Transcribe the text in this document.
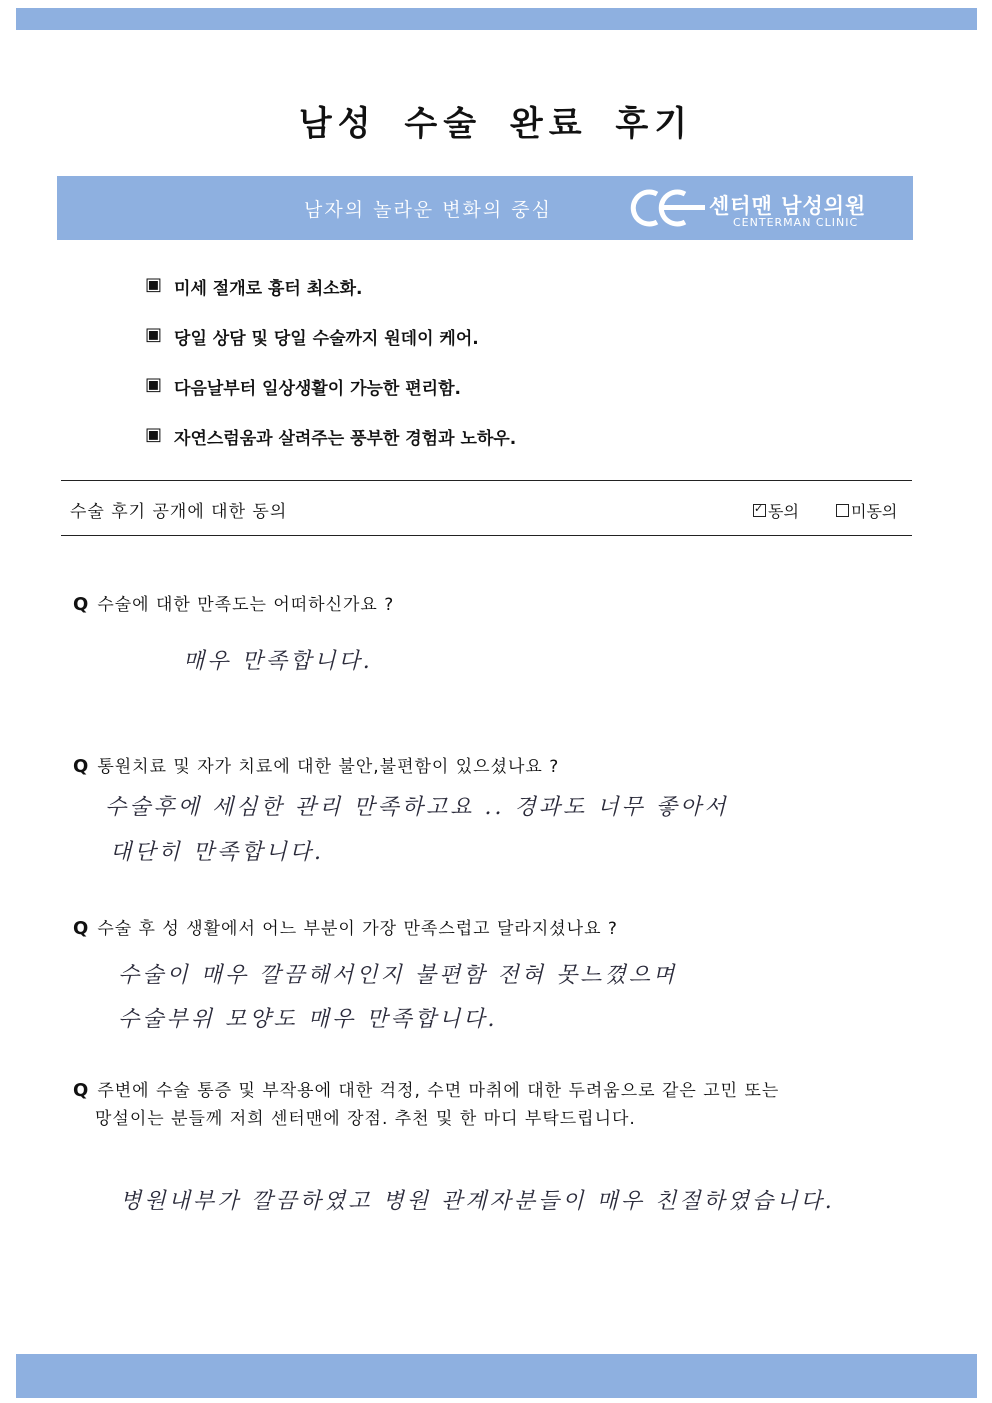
남성 수술 완료 후기
남자의 놀라운 변화의 중심	센터맨 남성의원
CENTERMAN CLINIC
▣ 미세 절개로 흉터 최소화.
▣ 당일 상담 및 당일 수술까지 원데이 케어.
▣ 다음날부터 일상생활이 가능한 편리함.
▣ 자연스럼움과 살려주는 풍부한 경험과 노하우.
수술 후기 공개에 대한 동의	✓ 동의	미동의
Q 수술에 대한 만족도는 어떠하신가요 ?
매우 만족합니다.
Q 통원치료 및 자가 치료에 대한 불안,불편함이 있으셨나요 ?
수술후에 세심한 관리 만족하고요 .. 경과도 너무 좋아서
대단히 만족합니다.
Q 수술 후 성 생활에서 어느 부분이 가장 만족스럽고 달라지셨나요 ?
수술이 매우 깔끔해서인지 불편함 전혀 못느꼈으며
수술부위 모양도 매우 만족합니다.
Q 주변에 수술 통증 및 부작용에 대한 걱정, 수면 마취에 대한 두려움으로 같은 고민 또는
망설이는 분들께 저희 센터맨에 장점. 추천 및 한 마디 부탁드립니다.
병원내부가 깔끔하였고 병원 관계자분들이 매우 친절하였습니다.
